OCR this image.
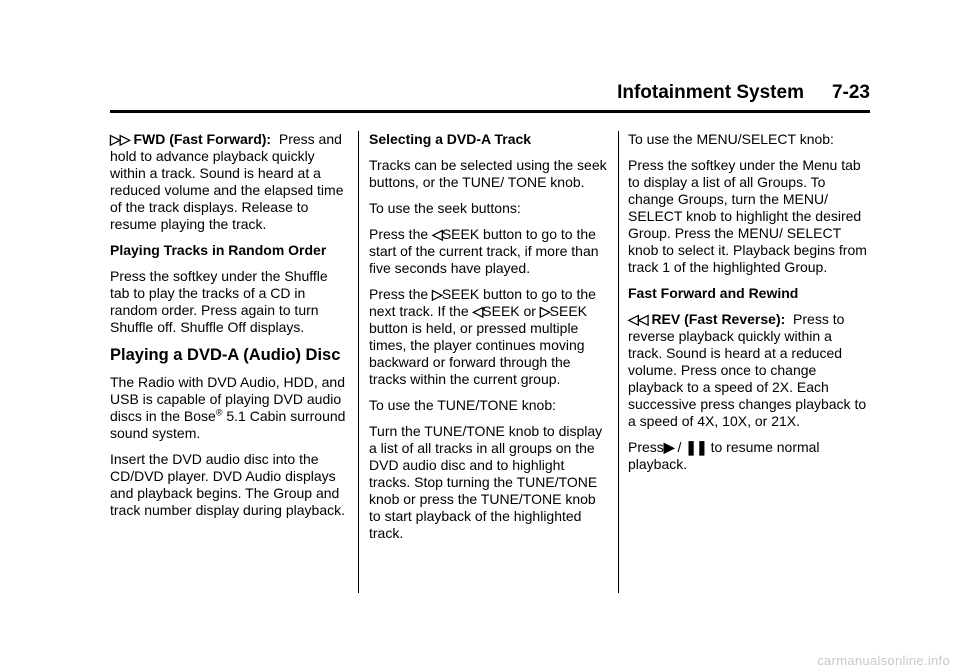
Infotainment System 7-23

▷▷ FWD (Fast Forward): Press and hold to advance playback quickly within a track. Sound is heard at a reduced volume and the elapsed time of the track displays. Release to resume playing the track.

Playing Tracks in Random Order

Press the softkey under the Shuffle tab to play the tracks of a CD in random order. Press again to turn Shuffle off. Shuffle Off displays.

Playing a DVD-A (Audio) Disc

The Radio with DVD Audio, HDD, and USB is capable of playing DVD audio discs in the Bose® 5.1 Cabin surround sound system.

Insert the DVD audio disc into the CD/DVD player. DVD Audio displays and playback begins. The Group and track number display during playback.

Selecting a DVD-A Track

Tracks can be selected using the seek buttons, or the TUNE/ TONE knob.

To use the seek buttons:

Press the ◁SEEK button to go to the start of the current track, if more than five seconds have played.

Press the ▷SEEK button to go to the next track. If the ◁SEEK or ▷SEEK button is held, or pressed multiple times, the player continues moving backward or forward through the tracks within the current group.

To use the TUNE/TONE knob:

Turn the TUNE/TONE knob to display a list of all tracks in all groups on the DVD audio disc and to highlight tracks. Stop turning the TUNE/TONE knob or press the TUNE/TONE knob to start playback of the highlighted track.

To use the MENU/SELECT knob:

Press the softkey under the Menu tab to display a list of all Groups. To change Groups, turn the MENU/ SELECT knob to highlight the desired Group. Press the MENU/ SELECT knob to select it. Playback begins from track 1 of the highlighted Group.

Fast Forward and Rewind

◁◁ REV (Fast Reverse): Press to reverse playback quickly within a track. Sound is heard at a reduced volume. Press once to change playback to a speed of 2X. Each successive press changes playback to a speed of 4X, 10X, or 21X.

Press▶ / ❚❚ to resume normal playback.

carmanualsonline.info
